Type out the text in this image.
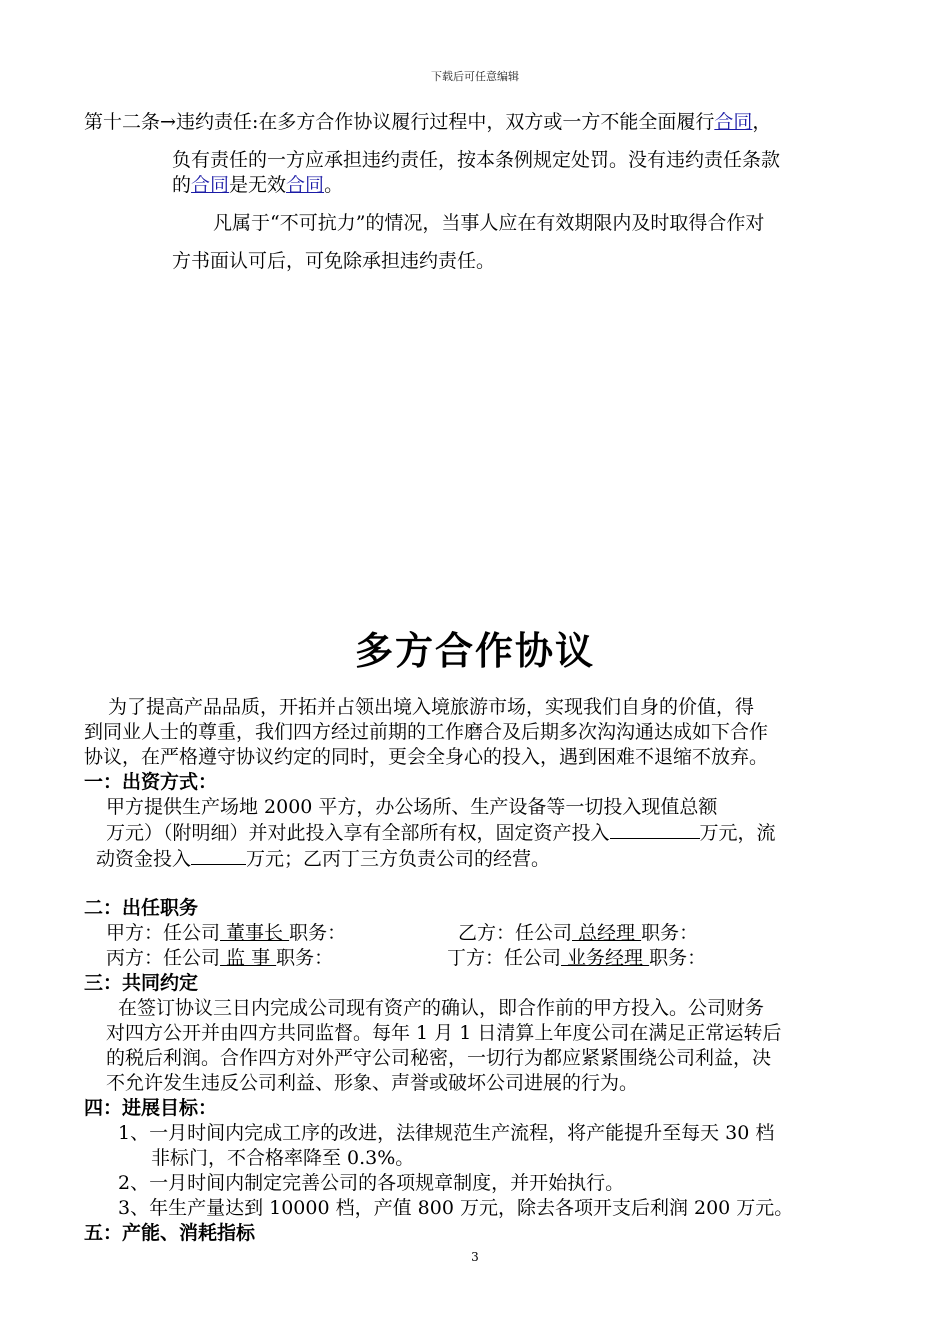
下载后可任意编辑
第十二条→违约责任:在多方合作协议履行过程中，双方或一方不能全面履行合同，
负有责任的一方应承担违约责任，按本条例规定处罚。没有违约责任条款
的合同是无效合同。
凡属于“不可抗力”的情况，当事人应在有效期限内及时取得合作对
方书面认可后，可免除承担违约责任。
多方合作协议
为了提高产品品质，开拓并占领出境入境旅游市场，实现我们自身的价值，得
到同业人士的尊重，我们四方经过前期的工作磨合及后期多次沟沟通达成如下合作
协议，在严格遵守协议约定的同时，更会全身心的投入，遇到困难不退缩不放弃。
一：出资方式：
甲方提供生产场地 2000 平方，办公场所、生产设备等一切投入现值总额
万元）（附明细）并对此投入享有全部所有权，固定资产投入	万元，流
动资金投入	万元；乙丙丁三方负责公司的经营。
二：出任职务
甲方：任公司 董事长 职务：	乙方：任公司 总经理 职务：
丙方：任公司 监 事 职务：	丁方：任公司 业务经理 职务：
三：共同约定
在签订协议三日内完成公司现有资产的确认，即合作前的甲方投入。公司财务
对四方公开并由四方共同监督。每年 1 月 1 日清算上年度公司在满足正常运转后
的税后利润。合作四方对外严守公司秘密，一切行为都应紧紧围绕公司利益，决
不允许发生违反公司利益、形象、声誉或破坏公司进展的行为。
四：进展目标：
1、一月时间内完成工序的改进，法律规范生产流程，将产能提升至每天 30 档
非标门，不合格率降至 0.3%。
2、一月时间内制定完善公司的各项规章制度，并开始执行。
3、年生产量达到 10000 档，产值 800 万元，除去各项开支后利润 200 万元。
五：产能、消耗指标
3
